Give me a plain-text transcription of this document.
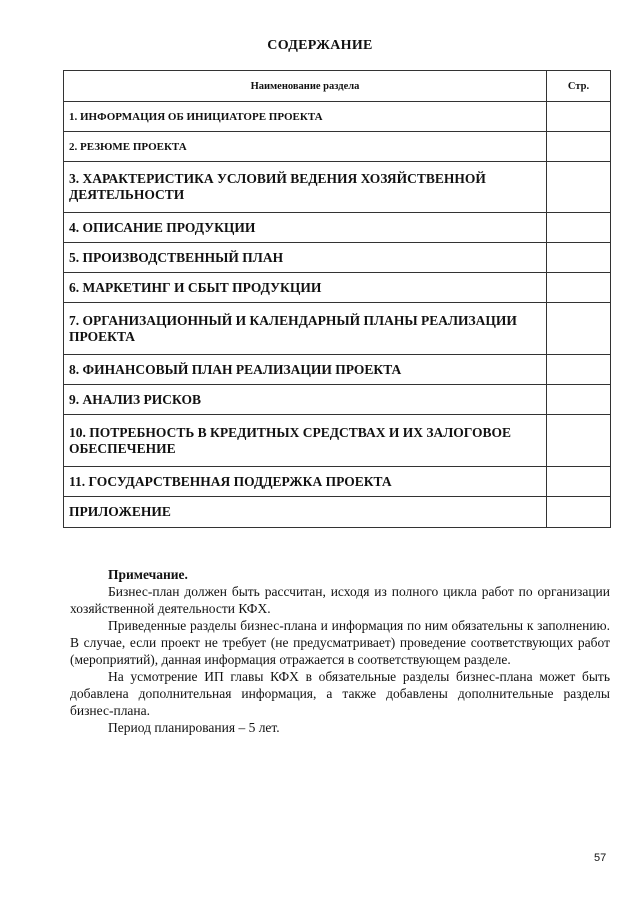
СОДЕРЖАНИЕ
Наименование раздела	Стр.
1. ИНФОРМАЦИЯ ОБ ИНИЦИАТОРЕ ПРОЕКТА	
2. РЕЗЮМЕ ПРОЕКТА	
3. ХАРАКТЕРИСТИКА УСЛОВИЙ ВЕДЕНИЯ ХОЗЯЙСТВЕННОЙ ДЕЯТЕЛЬНОСТИ	
4. ОПИСАНИЕ ПРОДУКЦИИ	
5. ПРОИЗВОДСТВЕННЫЙ ПЛАН	
6. МАРКЕТИНГ И СБЫТ ПРОДУКЦИИ	
7. ОРГАНИЗАЦИОННЫЙ И КАЛЕНДАРНЫЙ ПЛАНЫ РЕАЛИЗАЦИИ ПРОЕКТА	
8. ФИНАНСОВЫЙ ПЛАН РЕАЛИЗАЦИИ ПРОЕКТА	
9. АНАЛИЗ РИСКОВ	
10. ПОТРЕБНОСТЬ В КРЕДИТНЫХ СРЕДСТВАХ И ИХ ЗАЛОГОВОЕ ОБЕСПЕЧЕНИЕ	
11. ГОСУДАРСТВЕННАЯ ПОДДЕРЖКА ПРОЕКТА	
ПРИЛОЖЕНИЕ	

Примечание.

Бизнес-план должен быть рассчитан, исходя из полного цикла работ по организации хозяйственной деятельности КФХ.

Приведенные разделы бизнес-плана и информация по ним обязательны к заполнению. В случае, если проект не требует (не предусматривает) проведение соответствующих работ (мероприятий), данная информация отражается в соответствующем разделе.

На усмотрение ИП главы КФХ в обязательные разделы бизнес-плана может быть добавлена дополнительная информация, а также добавлены дополнительные разделы бизнес-плана.

Период планирования – 5 лет.

57
